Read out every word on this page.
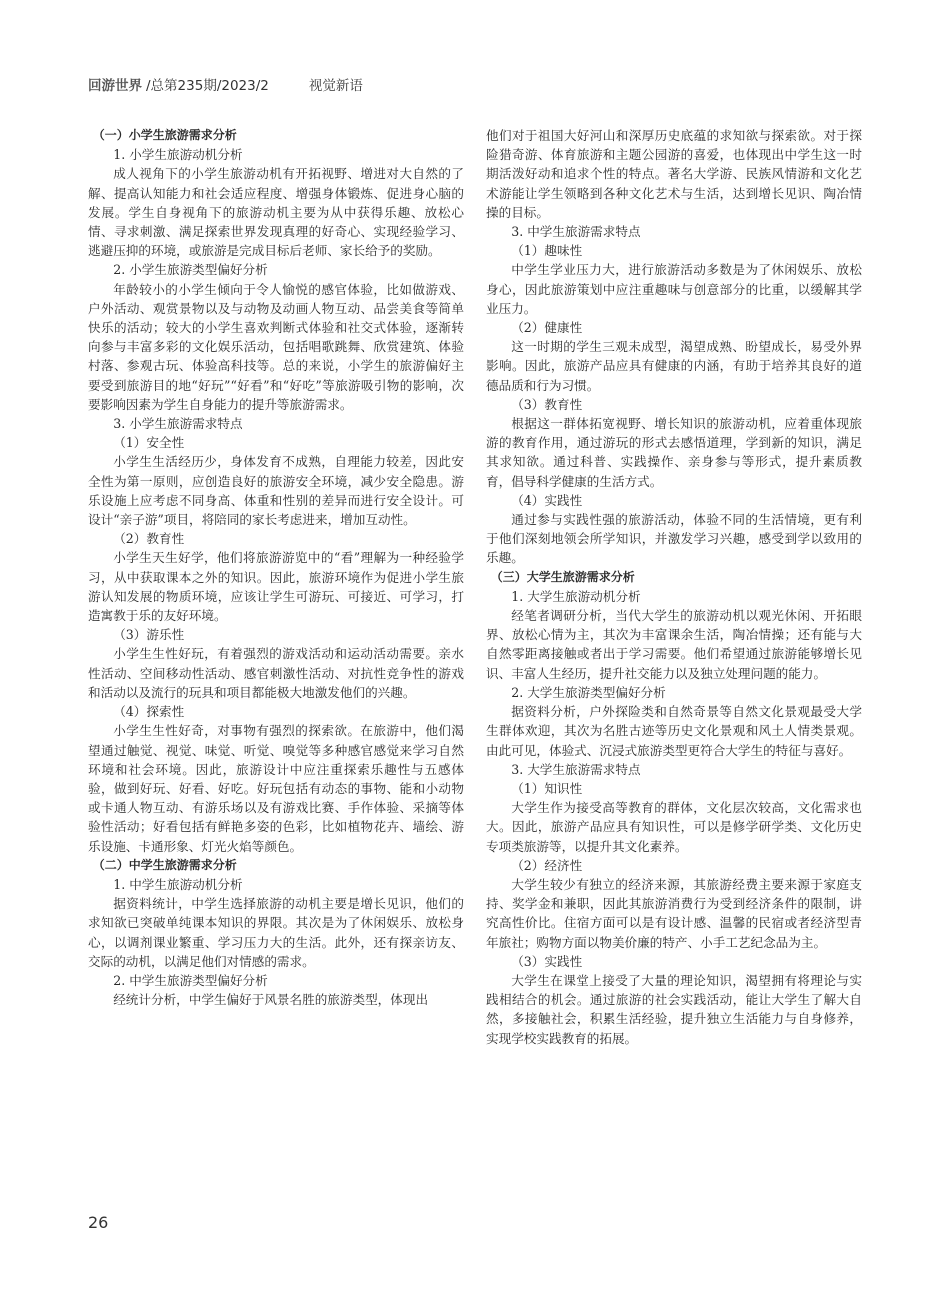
回游世界 /总第235期/2023/2	视觉新语

（一）小学生旅游需求分析

1. 小学生旅游动机分析

成人视角下的小学生旅游动机有开拓视野、增进对大自然的了解、提高认知能力和社会适应程度、增强身体锻炼、促进身心脑的发展。学生自身视角下的旅游动机主要为从中获得乐趣、放松心情、寻求刺激、满足探索世界发现真理的好奇心、实现经验学习、逃避压抑的环境，或旅游是完成目标后老师、家长给予的奖励。

2. 小学生旅游类型偏好分析

年龄较小的小学生倾向于令人愉悦的感官体验，比如做游戏、户外活动、观赏景物以及与动物及动画人物互动、品尝美食等简单快乐的活动；较大的小学生喜欢判断式体验和社交式体验，逐渐转向参与丰富多彩的文化娱乐活动，包括唱歌跳舞、欣赏建筑、体验村落、参观古玩、体验高科技等。总的来说，小学生的旅游偏好主要受到旅游目的地“好玩”“好看”和“好吃”等旅游吸引物的影响，次要影响因素为学生自身能力的提升等旅游需求。

3. 小学生旅游需求特点

（1）安全性

小学生生活经历少，身体发育不成熟，自理能力较差，因此安全性为第一原则，应创造良好的旅游安全环境，减少安全隐患。游乐设施上应考虑不同身高、体重和性别的差异而进行安全设计。可设计“亲子游”项目，将陪同的家长考虑进来，增加互动性。

（2）教育性

小学生天生好学，他们将旅游游览中的“看”理解为一种经验学习，从中获取课本之外的知识。因此，旅游环境作为促进小学生旅游认知发展的物质环境，应该让学生可游玩、可接近、可学习，打造寓教于乐的友好环境。

（3）游乐性

小学生生性好玩，有着强烈的游戏活动和运动活动需要。亲水性活动、空间移动性活动、感官刺激性活动、对抗性竞争性的游戏和活动以及流行的玩具和项目都能极大地激发他们的兴趣。

（4）探索性

小学生生性好奇，对事物有强烈的探索欲。在旅游中，他们渴望通过触觉、视觉、味觉、听觉、嗅觉等多种感官感觉来学习自然环境和社会环境。因此，旅游设计中应注重探索乐趣性与五感体验，做到好玩、好看、好吃。好玩包括有动态的事物、能和小动物或卡通人物互动、有游乐场以及有游戏比赛、手作体验、采摘等体验性活动；好看包括有鲜艳多姿的色彩，比如植物花卉、墙绘、游乐设施、卡通形象、灯光火焰等颜色。

（二）中学生旅游需求分析

1. 中学生旅游动机分析

据资料统计，中学生选择旅游的动机主要是增长见识，他们的求知欲已突破单纯课本知识的界限。其次是为了休闲娱乐、放松身心，以调剂课业繁重、学习压力大的生活。此外，还有探亲访友、交际的动机，以满足他们对情感的需求。

2. 中学生旅游类型偏好分析

经统计分析，中学生偏好于风景名胜的旅游类型，体现出

他们对于祖国大好河山和深厚历史底蕴的求知欲与探索欲。对于探险猎奇游、体育旅游和主题公园游的喜爱，也体现出中学生这一时期活泼好动和追求个性的特点。著名大学游、民族风情游和文化艺术游能让学生领略到各种文化艺术与生活，达到增长见识、陶冶情操的目标。

3. 中学生旅游需求特点

（1）趣味性

中学生学业压力大，进行旅游活动多数是为了休闲娱乐、放松身心，因此旅游策划中应注重趣味与创意部分的比重，以缓解其学业压力。

（2）健康性

这一时期的学生三观未成型，渴望成熟、盼望成长，易受外界影响。因此，旅游产品应具有健康的内涵，有助于培养其良好的道德品质和行为习惯。

（3）教育性

根据这一群体拓宽视野、增长知识的旅游动机，应着重体现旅游的教育作用，通过游玩的形式去感悟道理，学到新的知识，满足其求知欲。通过科普、实践操作、亲身参与等形式，提升素质教育，倡导科学健康的生活方式。

（4）实践性

通过参与实践性强的旅游活动，体验不同的生活情境，更有利于他们深刻地领会所学知识，并激发学习兴趣，感受到学以致用的乐趣。

（三）大学生旅游需求分析

1. 大学生旅游动机分析

经笔者调研分析，当代大学生的旅游动机以观光休闲、开拓眼界、放松心情为主，其次为丰富课余生活，陶冶情操；还有能与大自然零距离接触或者出于学习需要。他们希望通过旅游能够增长见识、丰富人生经历，提升社交能力以及独立处理问题的能力。

2. 大学生旅游类型偏好分析

据资料分析，户外探险类和自然奇景等自然文化景观最受大学生群体欢迎，其次为名胜古迹等历史文化景观和风土人情类景观。由此可见，体验式、沉浸式旅游类型更符合大学生的特征与喜好。

3. 大学生旅游需求特点

（1）知识性

大学生作为接受高等教育的群体，文化层次较高，文化需求也大。因此，旅游产品应具有知识性，可以是修学研学类、文化历史专项类旅游等，以提升其文化素养。

（2）经济性

大学生较少有独立的经济来源，其旅游经费主要来源于家庭支持、奖学金和兼职，因此其旅游消费行为受到经济条件的限制，讲究高性价比。住宿方面可以是有设计感、温馨的民宿或者经济型青年旅社；购物方面以物美价廉的特产、小手工艺纪念品为主。

（3）实践性

大学生在课堂上接受了大量的理论知识，渴望拥有将理论与实践相结合的机会。通过旅游的社会实践活动，能让大学生了解大自然，多接触社会，积累生活经验，提升独立生活能力与自身修养，实现学校实践教育的拓展。

26
